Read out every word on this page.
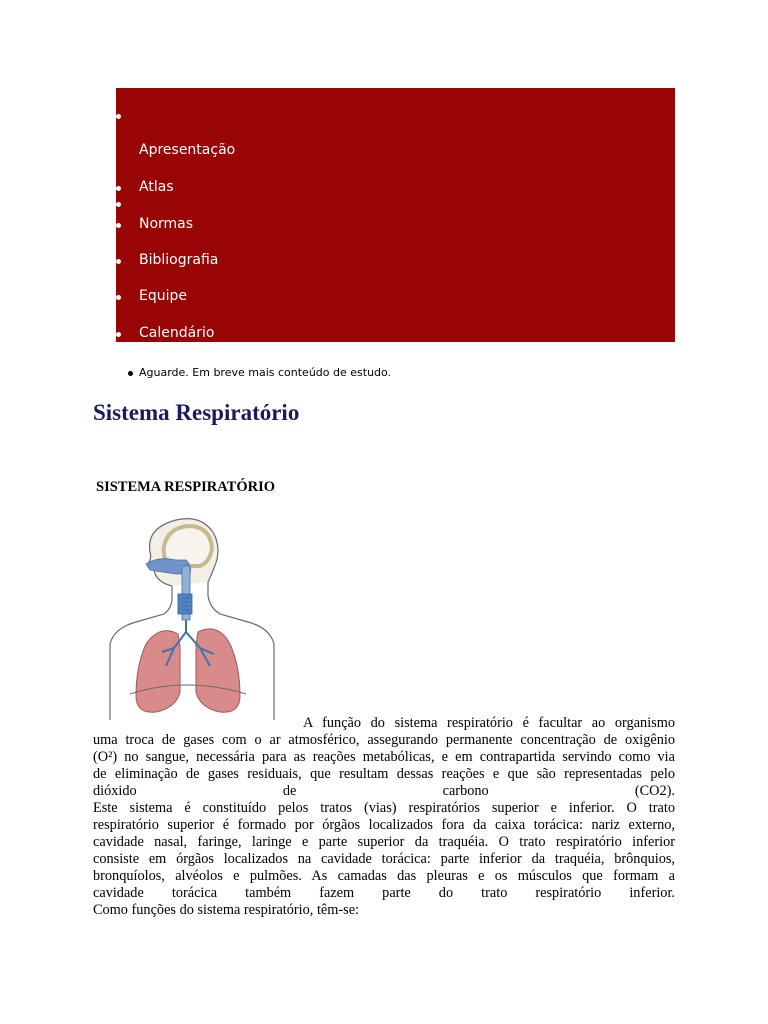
Apresentação
Atlas
Normas
Bibliografia
Equipe
Calendário
Aguarde. Em breve mais conteúdo de estudo.
Sistema Respiratório
SISTEMA RESPIRATÓRIO

A função do sistema respiratório é facultar ao organismo

uma troca de gases com o ar atmosférico, assegurando permanente concentração de oxigênio

(O²) no sangue, necessária para as reações metabólicas, e em contrapartida servindo como via

de eliminação de gases residuais, que resultam dessas reações e que são representadas pelo

dióxido de carbono (CO2).

Este sistema é constituído pelos tratos (vias) respiratórios superior e inferior. O trato

respiratório superior é formado por órgãos localizados fora da caixa torácica: nariz externo,

cavidade nasal, faringe, laringe e parte superior da traquéia. O trato respiratório inferior

consiste em órgãos localizados na cavidade torácica: parte inferior da traquéia, brônquios,

bronquíolos, alvéolos e pulmões. As camadas das pleuras e os músculos que formam a

cavidade torácica também fazem parte do trato respiratório inferior.

Como funções do sistema respiratório, têm-se:
